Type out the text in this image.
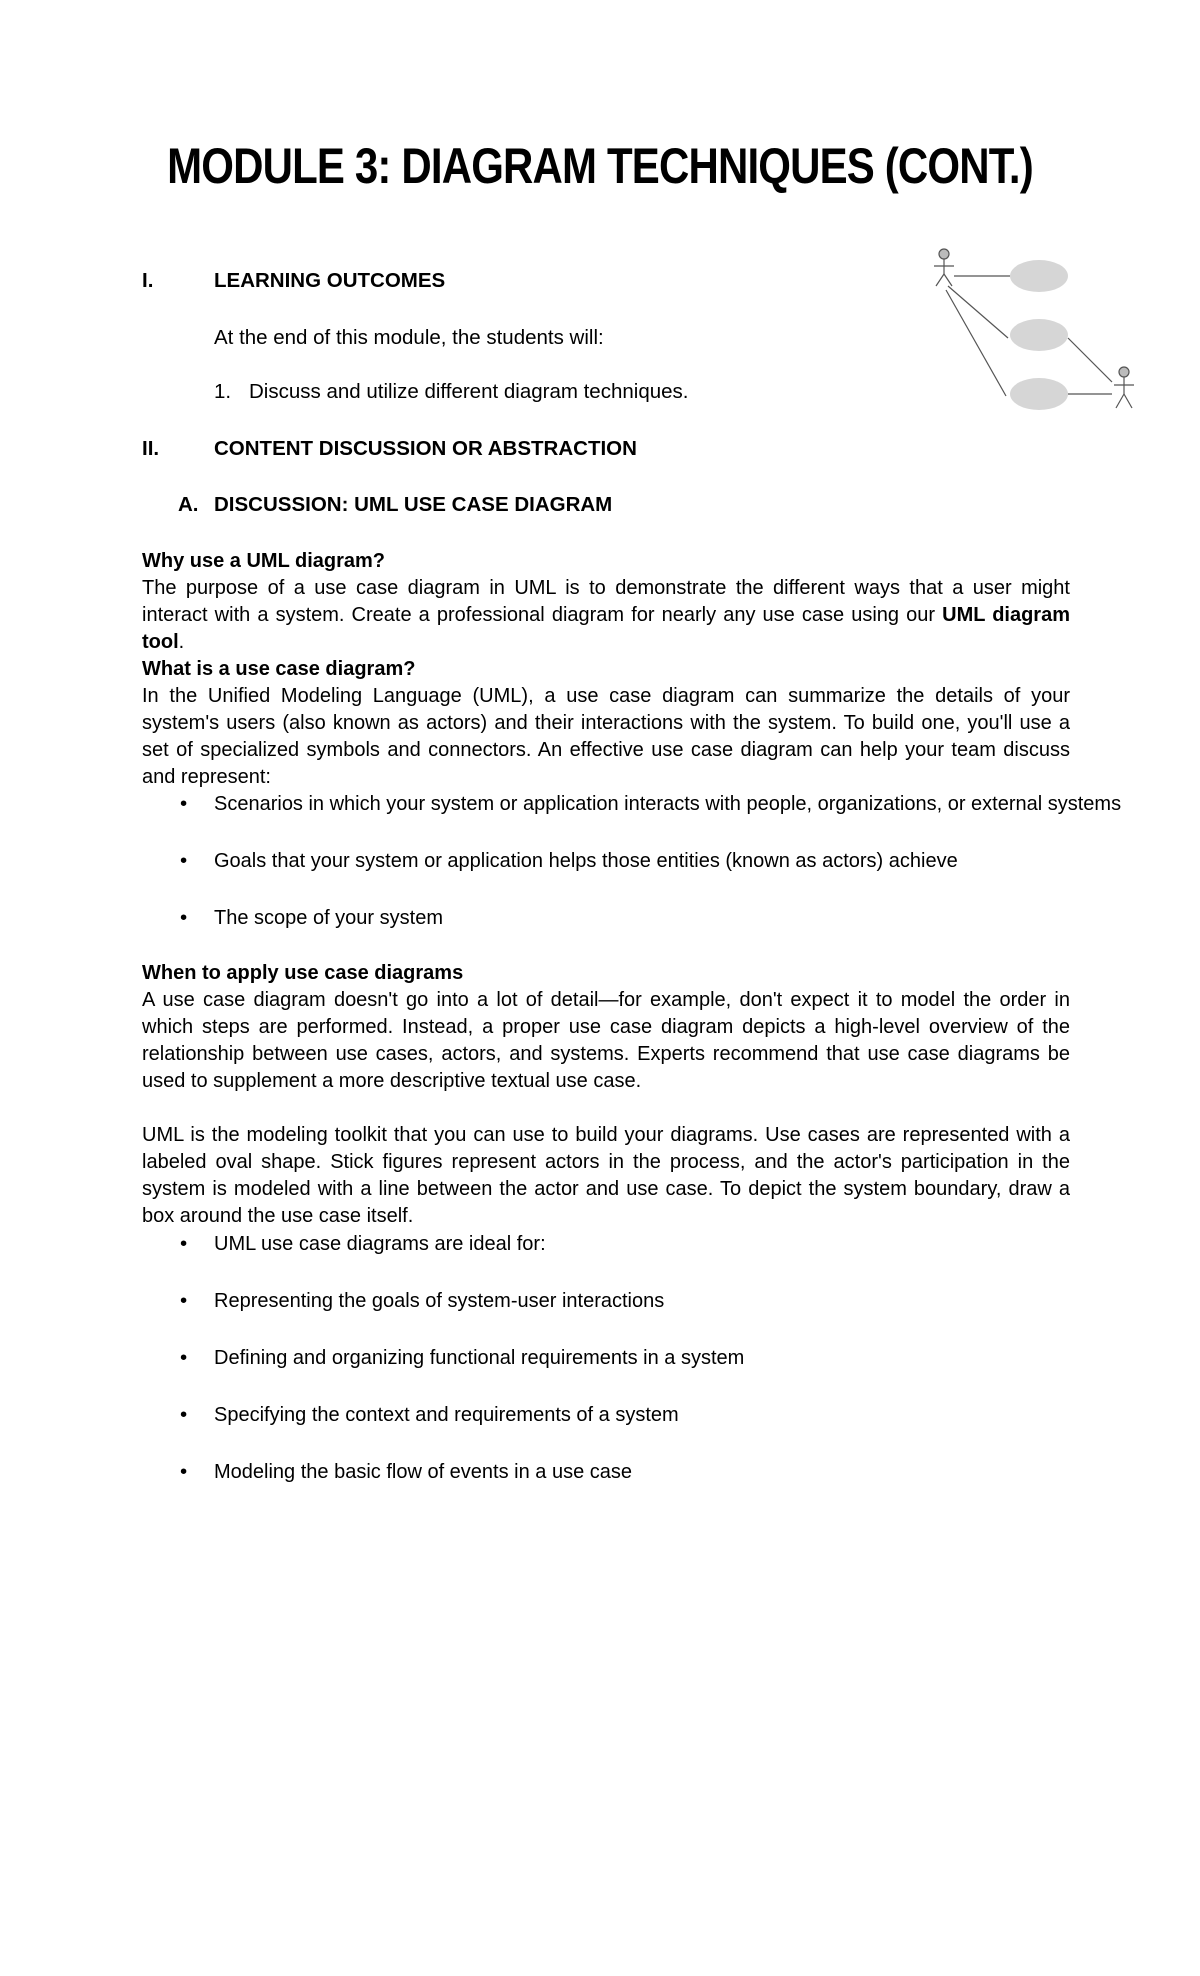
MODULE 3: DIAGRAM TECHNIQUES (CONT.)
I.	LEARNING OUTCOMES
At the end of this module, the students will:
1. Discuss and utilize different diagram techniques.
II.	CONTENT DISCUSSION OR ABSTRACTION
A. DISCUSSION: UML USE CASE DIAGRAM
Why use a UML diagram?
The purpose of a use case diagram in UML is to demonstrate the different ways that a user might interact with a system. Create a professional diagram for nearly any use case using our UML diagram tool.
What is a use case diagram?
In the Unified Modeling Language (UML), a use case diagram can summarize the details of your system's users (also known as actors) and their interactions with the system. To build one, you'll use a set of specialized symbols and connectors. An effective use case diagram can help your team discuss and represent:
• Scenarios in which your system or application interacts with people, organizations, or external systems
• Goals that your system or application helps those entities (known as actors) achieve
• The scope of your system
When to apply use case diagrams
A use case diagram doesn't go into a lot of detail—for example, don't expect it to model the order in which steps are performed. Instead, a proper use case diagram depicts a high-level overview of the relationship between use cases, actors, and systems. Experts recommend that use case diagrams be used to supplement a more descriptive textual use case.
UML is the modeling toolkit that you can use to build your diagrams. Use cases are represented with a labeled oval shape. Stick figures represent actors in the process, and the actor's participation in the system is modeled with a line between the actor and use case. To depict the system boundary, draw a box around the use case itself.
• UML use case diagrams are ideal for:
• Representing the goals of system-user interactions
• Defining and organizing functional requirements in a system
• Specifying the context and requirements of a system
• Modeling the basic flow of events in a use case
